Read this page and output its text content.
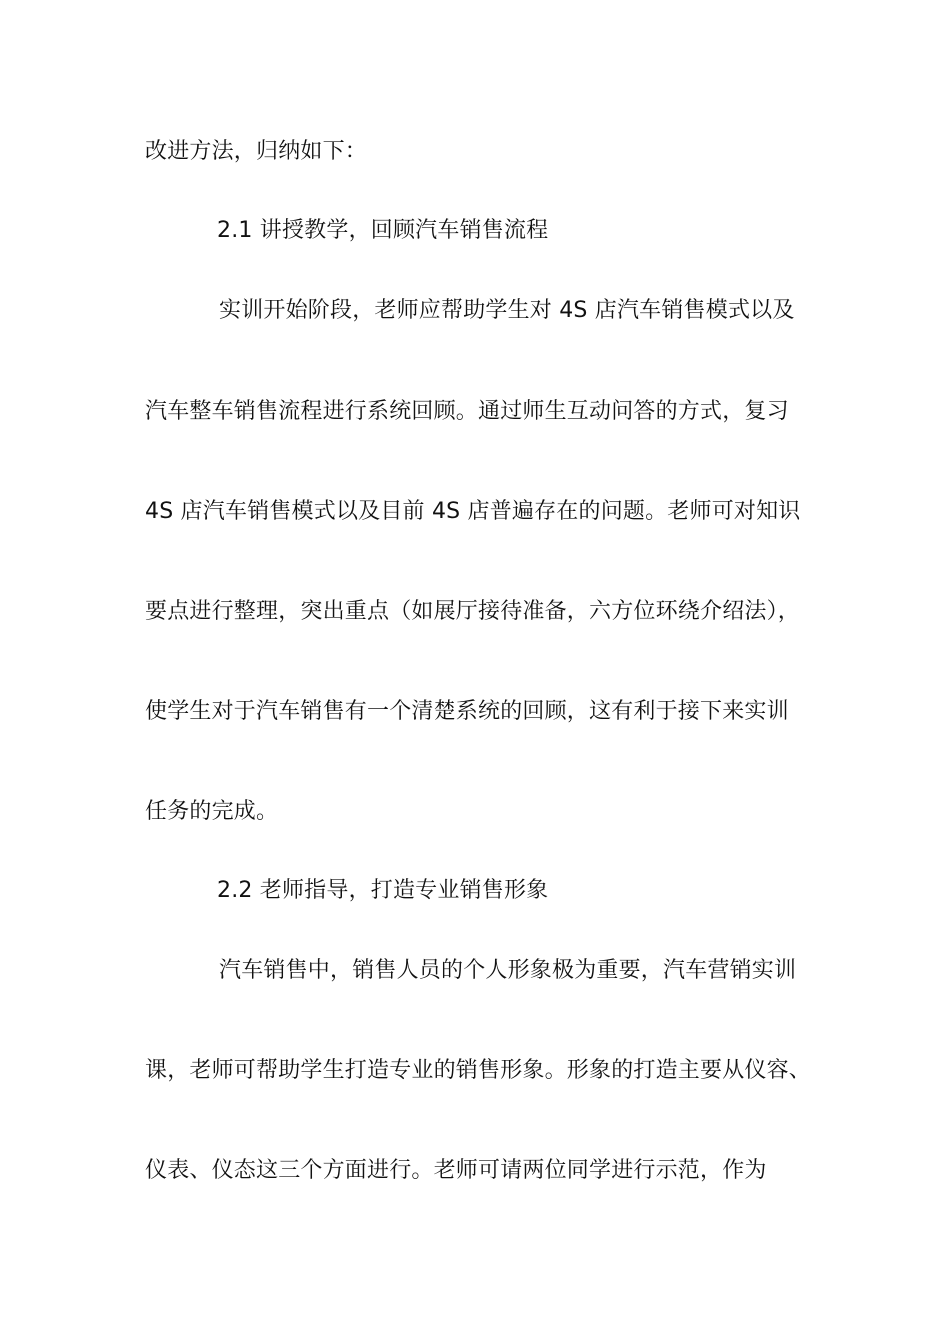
改进方法，归纳如下：
2.1 讲授教学，回顾汽车销售流程
实训开始阶段，老师应帮助学生对 4S 店汽车销售模式以及
汽车整车销售流程进行系统回顾。通过师生互动问答的方式，复习
4S 店汽车销售模式以及目前 4S 店普遍存在的问题。老师可对知识
要点进行整理，突出重点（如展厅接待准备，六方位环绕介绍法），
使学生对于汽车销售有一个清楚系统的回顾，这有利于接下来实训
任务的完成。
2.2 老师指导，打造专业销售形象
汽车销售中，销售人员的个人形象极为重要，汽车营销实训
课，老师可帮助学生打造专业的销售形象。形象的打造主要从仪容、
仪表、仪态这三个方面进行。老师可请两位同学进行示范，作为
